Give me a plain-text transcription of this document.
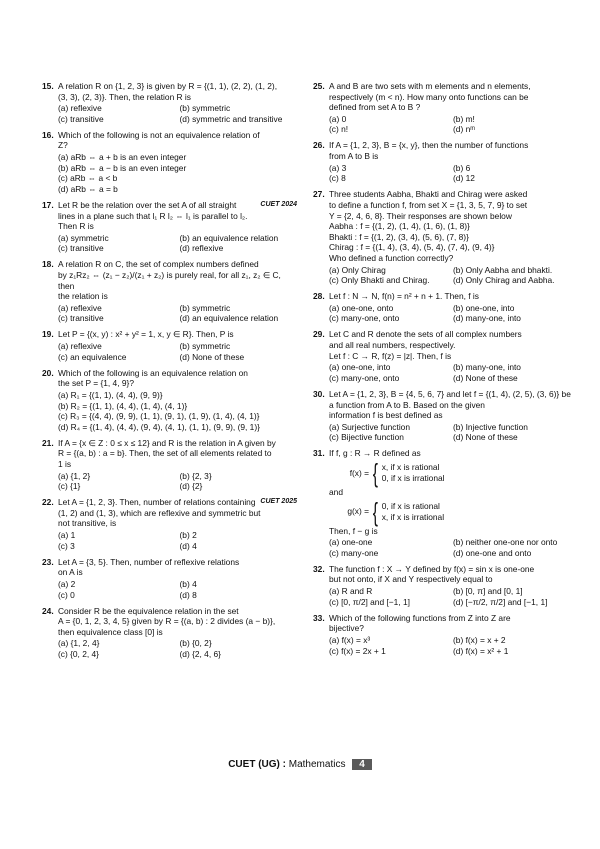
15. A relation R on {1, 2, 3} is given by R = {(1, 1), (2, 2), (1, 2),
(3, 3), (2, 3)}. Then, the relation R is
(a) reflexive	(b) symmetric
(c) transitive	(d) symmetric and transitive
16. Which of the following is not an equivalence relation of
Z?
(a) aRb ⇔ a + b is an even integer
(b) aRb ⇔ a − b is an even integer
(c) aRb ⇔ a < b
(d) aRb ⇔ a = b
17.	CUET 2024
Let R be the relation over the set A of all straight
lines in a plane such that l₁ R l₂ ⇔ l₁ is parallel to l₂.
Then R is
(a) symmetric	(b) an equivalence relation
(c) transitive	(d) reflexive
18. A relation R on C, the set of complex numbers defined
by z₁Rz₂ ⇔ (z₁ − z₂)/(z₁ + z₂) is purely real, for all z₁, z₂ ∈ C, then
the relation is
(a) reflexive	(b) symmetric
(c) transitive	(d) an equivalence relation
19. Let P = {(x, y) : x² + y² = 1, x, y ∈ R}. Then, P is
(a) reflexive	(b) symmetric
(c) an equivalence	(d) None of these
20. Which of the following is an equivalence relation on
the set P = {1, 4, 9}?
(a) R₁ = {(1, 1), (4, 4), (9, 9)}
(b) R₂ = {(1, 1), (4, 4), (1, 4), (4, 1)}
(c) R₃ = {(4, 4), (9, 9), (1, 1), (9, 1), (1, 9), (1, 4), (4, 1)}
(d) R₄ = {(1, 4), (4, 4), (9, 4), (4, 1), (1, 1), (9, 9), (9, 1)}
21. If A = {x ∈ Z : 0 ≤ x ≤ 12} and R is the relation in A given by
R = {(a, b) : a = b}. Then, the set of all elements related to
1 is
(a) {1, 2}	(b) {2, 3}
(c) {1}	(d) {2}
22.	CUET 2025
Let A = {1, 2, 3}. Then, number of relations containing
(1, 2) and (1, 3), which are reflexive and symmetric but
not transitive, is
(a) 1	(b) 2
(c) 3	(d) 4
23. Let A = {3, 5}. Then, number of reflexive relations
on A is
(a) 2	(b) 4
(c) 0	(d) 8
24. Consider R be the equivalence relation in the set
A = {0, 1, 2, 3, 4, 5} given by R = {(a, b) : 2 divides (a − b)},
then equivalence class [0] is
(a) {1, 2, 4}	(b) {0, 2}
(c) {0, 2, 4}	(d) {2, 4, 6}
25. A and B are two sets with m elements and n elements,
respectively (m < n). How many onto functions can be
defined from set A to B ?
(a) 0	(b) m!
(c) n!	(d) nᵐ
26. If A = {1, 2, 3}, B = {x, y}, then the number of functions
from A to B is
(a) 3	(b) 6
(c) 8	(d) 12
27. Three students Aabha, Bhakti and Chirag were asked
to define a function f, from set X = {1, 3, 5, 7, 9} to set
Y = {2, 4, 6, 8}. Their responses are shown below
Aabha : f = {(1, 2), (1, 4), (1, 6), (1, 8)}
Bhakti : f = {(1, 2), (3, 4), (5, 6), (7, 8)}
Chirag : f = {(1, 4), (3, 4), (5, 4), (7, 4), (9, 4)}
Who defined a function correctly?
(a) Only Chirag	(b) Only Aabha and bhakti.
(c) Only Bhakti and Chirag.	(d) Only Chirag and Aabha.
28. Let f : N → N, f(n) = n² + n + 1. Then, f is
(a) one-one, onto	(b) one-one, into
(c) many-one, onto	(d) many-one, into
29. Let C and R denote the sets of all complex numbers
and all real numbers, respectively.
Let f : C → R, f(z) = |z|. Then, f is
(a) one-one, into	(b) many-one, into
(c) many-one, onto	(d) None of these
30. Let A = {1, 2, 3}, B = {4, 5, 6, 7} and let f = {(1, 4), (2, 5), (3, 6)} be
a function from A to B. Based on the given
information f is best defined as
(a) Surjective function	(b) Injective function
(c) Bijective function	(d) None of these
31. If f, g : R → R defined as
f(x) = { x, if x is rational
0, if x is irrational
and
g(x) = { 0, if x is rational
x, if x is irrational
Then, f − g is
(a) one-one	(b) neither one-one nor onto
(c) many-one	(d) one-one and onto
32. The function f : X → Y defined by f(x) = sin x is one-one
but not onto, if X and Y respectively equal to
(a) R and R	(b) [0, π] and [0, 1]
(c) [0, π/2] and [−1, 1]	(d) [−π/2, π/2] and [−1, 1]
33. Which of the following functions from Z into Z are
bijective?
(a) f(x) = x³	(b) f(x) = x + 2
(c) f(x) = 2x + 1	(d) f(x) = x² + 1
CUET (UG) : Mathematics 4
